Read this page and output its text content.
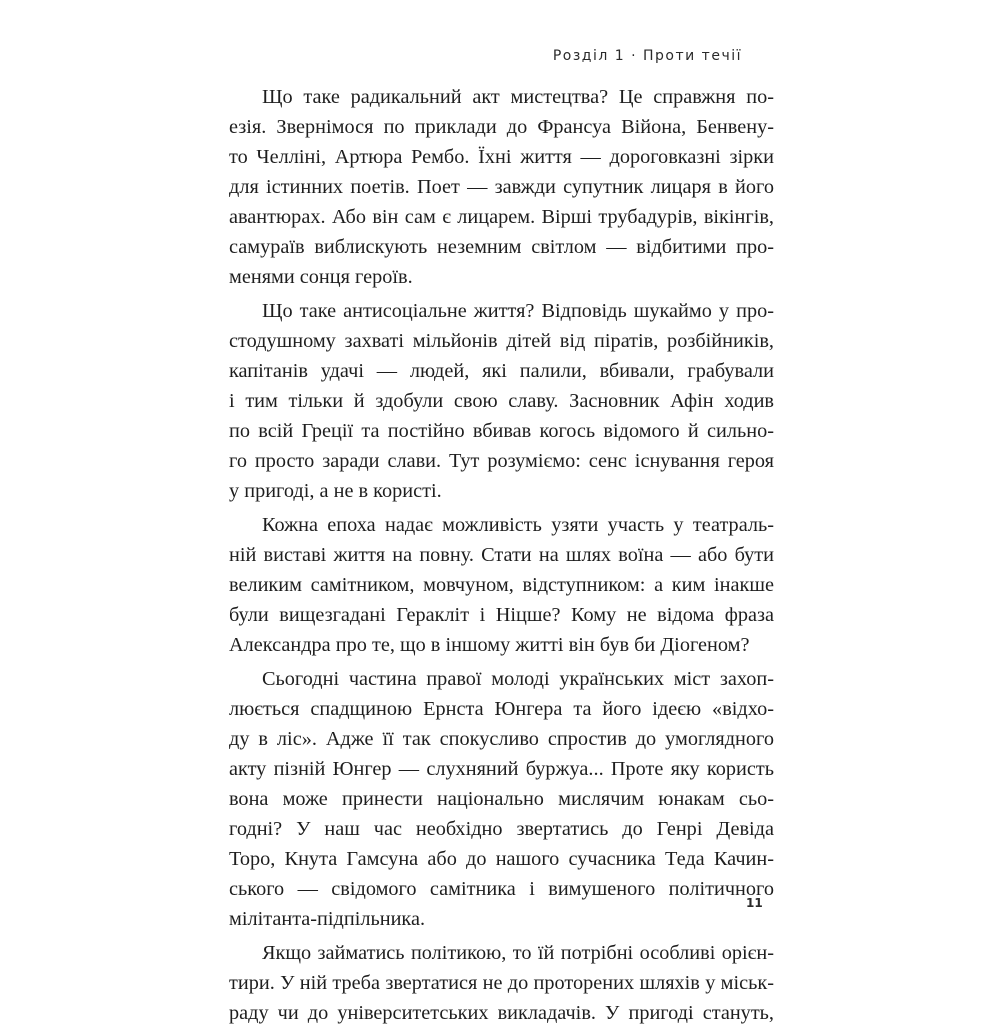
Розділ 1 · Проти течії
Що таке радикальний акт мистецтва? Це справжня по-
езія. Звернімося по приклади до Франсуа Війона, Бенвену-
то Челліні, Артюра Рембо. Їхні життя — дороговказні зірки
для істинних поетів. Поет — завжди супутник лицаря в його
авантюрах. Або він сам є лицарем. Вірші трубадурів, вікінгів,
самураїв виблискують неземним світлом — відбитими про-
менями сонця героїв.
Що таке антисоціальне життя? Відповідь шукаймо у про-
стодушному захваті мільйонів дітей від піратів, розбійників,
капітанів удачі — людей, які палили, вбивали, грабували
і тим тільки й здобули свою славу. Засновник Афін ходив
по всій Греції та постійно вбивав когось відомого й сильно-
го просто заради слави. Тут розуміємо: сенс існування героя
у пригоді, а не в користі.
Кожна епоха надає можливість узяти участь у театраль-
ній виставі життя на повну. Стати на шлях воїна — або бути
великим самітником, мовчуном, відступником: а ким інакше
були вищезгадані Геракліт і Ніцше? Кому не відома фраза
Александра про те, що в іншому житті він був би Діогеном?
Сьогодні частина правої молоді українських міст захоп-
люється спадщиною Ернста Юнгера та його ідеєю «відхо-
ду в ліс». Адже її так спокусливо спростив до умоглядного
акту пізній Юнгер — слухняний буржуа... Проте яку користь
вона може принести національно мислячим юнакам сьо-
годні? У наш час необхідно звертатись до Генрі Девіда
Торо, Кнута Гамсуна або до нашого сучасника Теда Качин-
ського — свідомого самітника і вимушеного політичного
мілітанта-підпільника.
Якщо займатись політикою, то їй потрібні особливі орієн-
тири. У ній треба звертатися не до проторених шляхів у міськ-
раду чи до університетських викладачів. У пригоді стануть,
11
